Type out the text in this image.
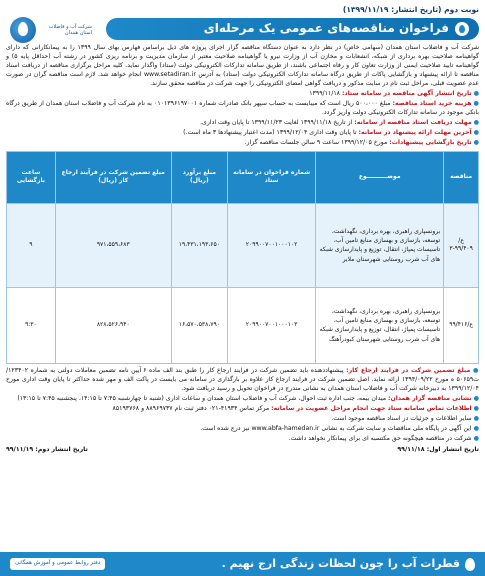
نوبت دوم (تاریخ انتشار: ۱۳۹۹/۱۱/۱۹)
شرکت آب و فاضلاب استان همدان	فراخوان مناقصه‌های عمومی یک مرحله‌ای

شرکت آب و فاضلاب استان همدان (سهامی خاص) در نظر دارد به عنوان دستگاه مناقصه گزار اجرای پروژه های ذیل براساس فهارس بهای سال ۱۳۹۹ را به پیمانکارانی که دارای گواهینامه صلاحیت بهره برداری از شبکه، انشعابات و مخازن آب از وزارت نیرو یا گواهینامه صلاحیت معتبر از سازمان مدیریت و برنامه ریزی کشور در رشته آب (حداقل پایه ۵) و گواهینامه تایید صلاحیت ایمنی از وزارت تعاون کار و رفاه اجتماعی باشند، از طریق سامانه تدارکات الکترونیکی دولت (ستاد) واگذار نماید. کلیه مراحل برگزاری مناقصه از دریافت اسناد مناقصه تا ارائه پیشنهاد و بازگشایی پاکات از طریق درگاه سامانه تدارکات الکترونیکی دولت (ستاد) به آدرس www.setadiran.ir انجام خواهد شد. لازم است مناقصه گران در صورت عدم عضویت قبلی، مراحل ثبت نام در سایت مذکور و دریافت گواهی امضای الکترونیکی را جهت شرکت در مناقصه محقق سازند.

● تاریخ انتشار آگهی مناقصه در سامانه ستاد: ۱۳۹۹/۱۱/۱۸

● هزینه خرید اسناد مناقصه: مبلغ ۵۰۰،۰۰۰ ریال است که میبایست به حساب سپهر بانک صادرات شماره ۰۱۰۱۳۹۶۱۹۷۰۰۱ به نام شرکت آب و فاضلاب استان همدان از طریق درگاه بانکی موجود در سامانه تدارکات الکترونیکی دولت واریز گردد.

● مهلت دریافت اسناد مناقصه از سامانه: از تاریخ ۱۳۹۹/۱۱/۱۸ لغایت ۱۳۹۹/۱۱/۲۳ تا پایان وقت اداری.

● آخرین مهلت ارائه پیشنهاد در سامانه: تا پایان وقت اداری ۱۳۹۹/۱۲/۰۴ (مدت اعتبار پیشنهادها ۳ ماه است.)

● تاریخ بازگشایی پیشنهادات: مورخ ۱۳۹۹/۱۲/۰۵ ساعت ۹ سالن جلسات مناقصه گزار.

مناقصه	موضــــــــــوع	شماره فراخوان در سامانه ستاد	مبلغ برآورد (ریال)	مبلغ تضمین شرکت در فرآیند ارجاع کار (ریال)	ساعت بازگشایی
ع/۹۹/۴۰۹-۳	برونسپاری راهبری، بهره برداری، نگهداشت، توسعه، بازسازی و بهسازی منابع تامین آب، تاسیسات پمپاژ، انتقال، توزیع و پایدارسازی شبکه های آب شرب روستایی شهرستان ملایر	۲۰۹۹۰۰۷۰۰۱۰۰۰۱۰۲	۱۹،۴۳۱،۱۹۳،۶۵۰	۹۷۱،۵۵۹،۶۸۳	۹
ع/۹۹/۴۱۶	برونسپاری راهبری، بهره برداری، نگهداشت، توسعه، بازسازی و بهسازی منابع تامین آب، تاسیسات پمپاژ، انتقال، توزیع و پایدارسازی شبکه های آب شرب روستایی شهرستان کبودرآهنگ	۲۰۹۹۰۰۷۰۰۱۰۰۰۱۰۳	۱۶،۵۷۰،۵۳۸،۷۹۰	۸۲۸،۵۲۶،۹۴۰	۹:۳۰

● مبلغ تضمین شرکت در فرایند ارجاع کار: پیشنهاددهنده باید تضمین شرکت در فرایند ارجاع کار را طبق بند الف ماده ۶ آیین نامه تضمین معاملات دولتی به شماره ۱۲۳۴۰۲/ت۵۰۶۵۹ ه مورخ ۱۳۹۴/۰۹/۲۲ ارائه نماید. اصل تضمین شرکت در فرایند ارجاع کار علاوه بر بارگذاری در سامانه می بایست در پاکت الف و مهر شده حداکثر تا پایان وقت اداری مورخ ۱۳۹۹/۱۲/۰۴ به دبیرخانه شرکت آب و فاضلاب استان همدان به نشانی مندرج در فراخوان تحویل و رسید دریافت شود.

● نشانی مناقصه گزار همدان: میدان بیمه، جنب اداره ثبت احوال، شرکت آب و فاضلاب استان همدان و ساعات اداری (شنبه تا چهارشنبه ۷:۴۵ تا ۱۴:۱۵، پنجشنبه ۷:۴۵ تا ۱۳:۱۵)

● اطلاعات تماس سامانه ستاد جهت انجام مراحل عضویت در سامانه: مرکز تماس ۴۱۹۳۴-۰۲۱ دفتر ثبت نام ۸۸۹۶۹۷۳۷ و ۸۵۱۹۳۷۶۸

● سایر اطلاعات و جزئیات در اسناد مناقصه موجود است.

● این آگهی در پایگاه ملی مناقصات و سایت شرکت به نشانی www.abfa-hamedan.ir نیز درج شده است.

● شرکت در مناقصه هیچگونه حق مکتسبه ای برای پیمانکار نخواهد داشت.

تاریخ انتشار اول: ۹۹/۱۱/۱۸
تاریخ انتشار دوم: ۹۹/۱۱/۱۹
قطرات آب را چون لحظات زندگی ارج نهیم .
دفتر روابط عمومی و آموزش همگانی
